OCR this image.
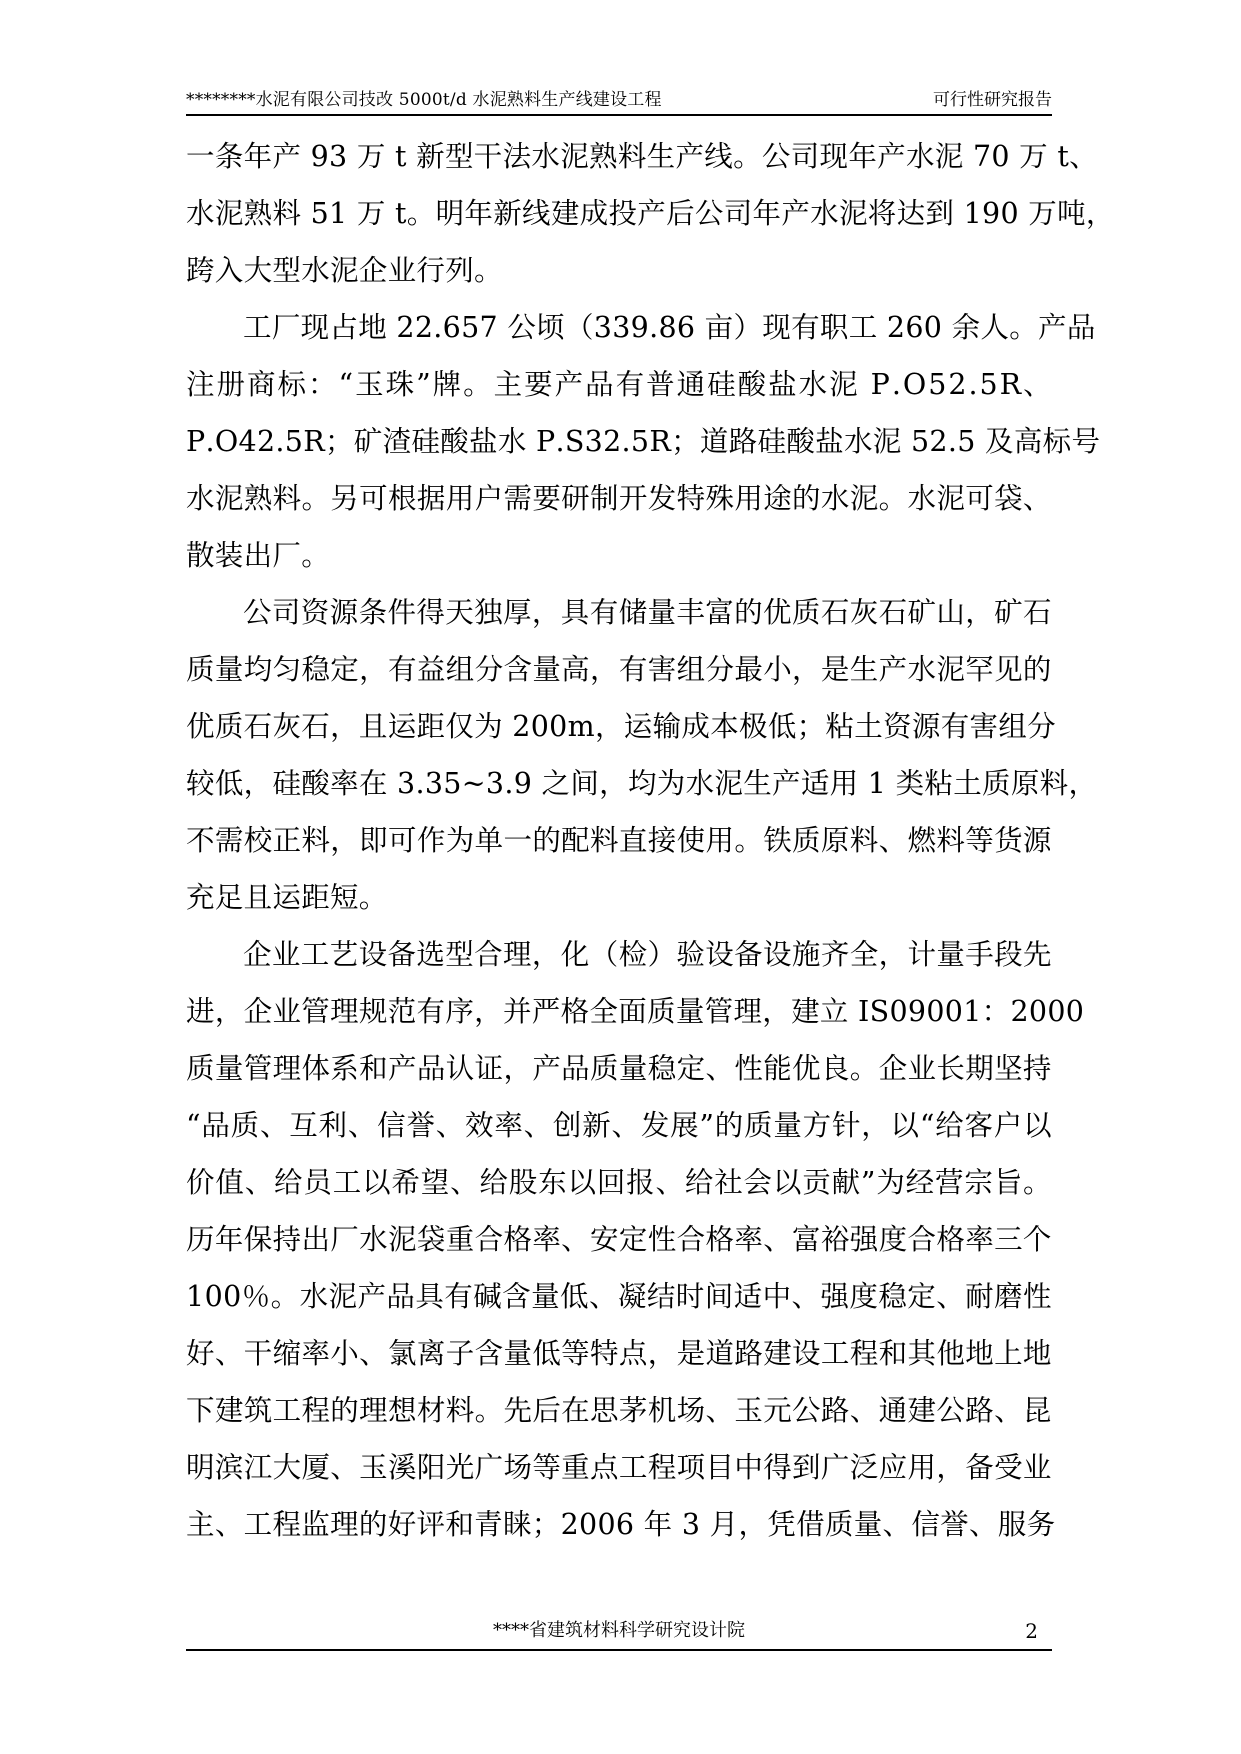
********水泥有限公司技改 5000t/d 水泥熟料生产线建设工程	可行性研究报告
一 条 年 产
9 3
万
t
新 型 干 法 水 泥 熟 料 生 产 线 。 公 司 现 年 产 水 泥
7 0
万
t 、
水 泥 熟 料
5 1
万
t 。 明 年 新 线 建 成 投 产 后 公 司 年 产 水 泥 将 达 到
1 9 0
万 吨 ，
跨入大型水泥企业行列。
工 厂 现 占 地
2 2 . 6 5 7
公 顷 （ 3 3 9 . 8 6
亩 ） 现 有 职 工
2 6 0
余 人 。 产 品
注 册 商 标 ： “ 玉 珠 ” 牌 。 主 要 产 品 有 普 通 硅 酸 盐 水 泥
P . O 5 2 . 5 R 、
P . O 4 2 . 5 R ； 矿 渣 硅 酸 盐 水
P . S 3 2 . 5 R ； 道 路 硅 酸 盐 水 泥
5 2 . 5
及 高 标 号
水 泥 熟 料 。 另 可 根 据 用 户 需 要 研 制 开 发 特 殊 用 途 的 水 泥 。 水 泥 可 袋 、
散装出厂。
公 司 资 源 条 件 得 天 独 厚 ， 具 有 储 量 丰 富 的 优 质 石 灰 石 矿 山 ， 矿 石
质 量 均 匀 稳 定 ， 有 益 组 分 含 量 高 ， 有 害 组 分 最 小 ， 是 生 产 水 泥 罕 见 的
优 质 石 灰 石 ， 且 运 距 仅 为
2 0 0 m ， 运 输 成 本 极 低 ； 粘 土 资 源 有 害 组 分
较 低 ， 硅 酸 率 在
3 . 3 5 ~ 3 . 9
之 间 ， 均 为 水 泥 生 产 适 用
1
类 粘 土 质 原 料 ，
不 需 校 正 料 ， 即 可 作 为 单 一 的 配 料 直 接 使 用 。 铁 质 原 料 、 燃 料 等 货 源
充足且运距短。
企 业 工 艺 设 备 选 型 合 理 ， 化 （ 检 ） 验 设 备 设 施 齐 全 ， 计 量 手 段 先
进 ， 企 业 管 理 规 范 有 序 ， 并 严 格 全 面 质 量 管 理 ， 建 立
I S 0 9 0 0 1 ： 2 0 0 0
质 量 管 理 体 系 和 产 品 认 证 ， 产 品 质 量 稳 定 、 性 能 优 良 。 企 业 长 期 坚 持
“ 品 质 、 互 利 、 信 誉 、 效 率 、 创 新 、 发 展 ” 的 质 量 方 针 ， 以 “ 给 客 户 以
价 值 、 给 员 工 以 希 望 、 给 股 东 以 回 报 、 给 社 会 以 贡 献 ” 为 经 营 宗 旨 。
历 年 保 持 出 厂 水 泥 袋 重 合 格 率 、 安 定 性 合 格 率 、 富 裕 强 度 合 格 率 三 个
1 0 0 ％ 。 水 泥 产 品 具 有 碱 含 量 低 、 凝 结 时 间 适 中 、 强 度 稳 定 、 耐 磨 性
好 、 干 缩 率 小 、 氯 离 子 含 量 低 等 特 点 ， 是 道 路 建 设 工 程 和 其 他 地 上 地
下 建 筑 工 程 的 理 想 材 料 。 先 后 在 思 茅 机 场 、 玉 元 公 路 、 通 建 公 路 、 昆
明 滨 江 大 厦 、 玉 溪 阳 光 广 场 等 重 点 工 程 项 目 中 得 到 广 泛 应 用 ， 备 受 业
主 、 工 程 监 理 的 好 评 和 青 睐 ； 2 0 0 6
年
3
月 ， 凭 借 质 量 、 信 誉 、 服 务
****省建筑材料科学研究设计院	2
